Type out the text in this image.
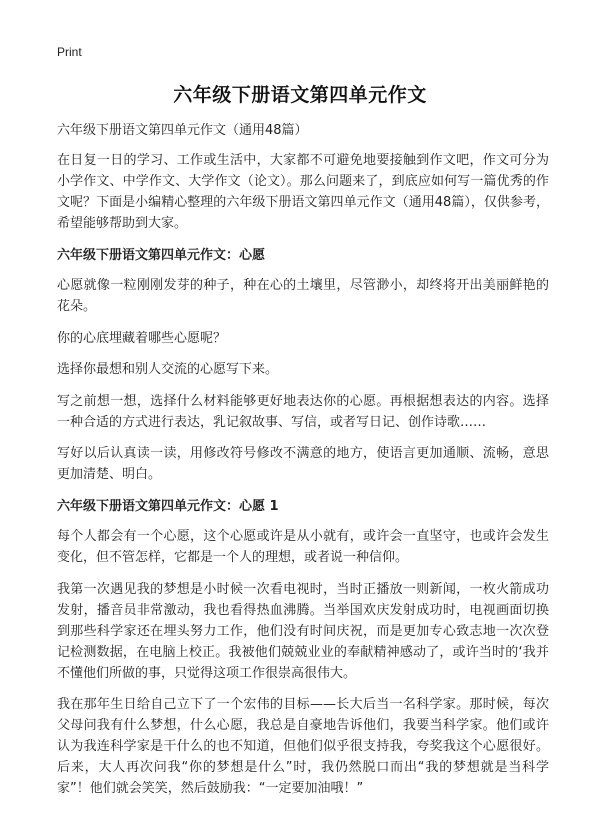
Print
六年级下册语文第四单元作文

六年级下册语文第四单元作文（通用48篇）

在日复一日的学习、工作或生活中，大家都不可避免地要接触到作文吧，作文可分为小学作文、中学作文、大学作文（论文）。那么问题来了，到底应如何写一篇优秀的作文呢？下面是小编精心整理的六年级下册语文第四单元作文（通用48篇），仅供参考，希望能够帮助到大家。

六年级下册语文第四单元作文：心愿

心愿就像一粒刚刚发芽的种子，种在心的土壤里，尽管渺小，却终将开出美丽鲜艳的花朵。

你的心底埋藏着哪些心愿呢？

选择你最想和别人交流的心愿写下来。

写之前想一想，选择什么材料能够更好地表达你的心愿。再根据想表达的内容。选择一种合适的方式进行表达，乳记叙故事、写信，或者写日记、创作诗歌……

写好以后认真读一读，用修改符号修改不满意的地方，使语言更加通顺、流畅，意思更加清楚、明白。

六年级下册语文第四单元作文：心愿 1

每个人都会有一个心愿，这个心愿或许是从小就有，或许会一直坚守，也或许会发生变化，但不管怎样，它都是一个人的理想，或者说一种信仰。

我第一次遇见我的梦想是小时候一次看电视时，当时正播放一则新闻，一枚火箭成功发射，播音员非常激动，我也看得热血沸腾。当举国欢庆发射成功时，电视画面切换到那些科学家还在埋头努力工作，他们没有时间庆祝，而是更加专心致志地一次次登记检测数据，在电脑上校正。我被他们兢兢业业的奉献精神感动了，或许当时的‘我并不懂他们所做的事，只觉得这项工作很崇高很伟大。

我在那年生日给自己立下了一个宏伟的目标——长大后当一名科学家。那时候，每次父母问我有什么梦想，什么心愿，我总是自豪地告诉他们，我要当科学家。他们或许认为我连科学家是干什么的也不知道，但他们似乎很支持我，夸奖我这个心愿很好。后来，大人再次问我“你的梦想是什么”时，我仍然脱口而出“我的梦想就是当科学家”！他们就会笑笑，然后鼓励我：“一定要加油哦！”
